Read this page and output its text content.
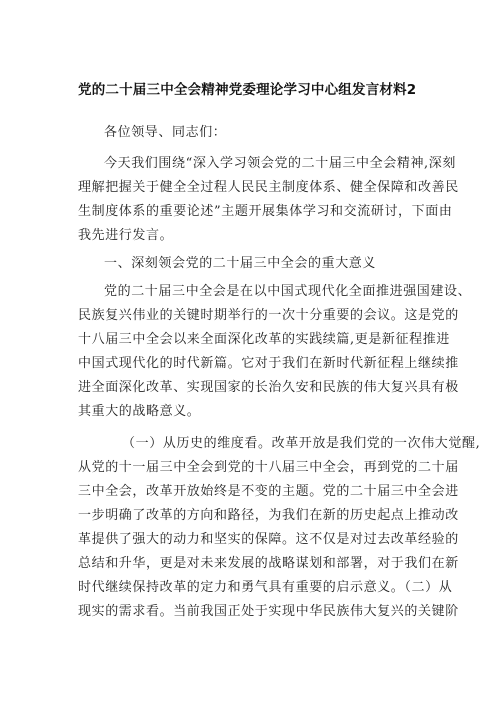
党的二十届三中全会精神党委理论学习中心组发言材料2
各位领导、同志们：
今天我们围绕“深入学习领会党的二十届三中全会精神,深刻
理解把握关于健全全过程人民民主制度体系、健全保障和改善民
生制度体系的重要论述”主题开展集体学习和交流研讨，下面由
我先进行发言。
一、深刻领会党的二十届三中全会的重大意义
党的二十届三中全会是在以中国式现代化全面推进强国建设、
民族复兴伟业的关键时期举行的一次十分重要的会议。这是党的
十八届三中全会以来全面深化改革的实践续篇,更是新征程推进
中国式现代化的时代新篇。它对于我们在新时代新征程上继续推
进全面深化改革、实现国家的长治久安和民族的伟大复兴具有极
其重大的战略意义。
（一）从历史的维度看。改革开放是我们党的一次伟大觉醒,
从党的十一届三中全会到党的十八届三中全会，再到党的二十届
三中全会，改革开放始终是不变的主题。党的二十届三中全会进
一步明确了改革的方向和路径，为我们在新的历史起点上推动改
革提供了强大的动力和坚实的保障。这不仅是对过去改革经验的
总结和升华，更是对未来发展的战略谋划和部署，对于我们在新
时代继续保持改革的定力和勇气具有重要的启示意义。（二）从
现实的需求看。当前我国正处于实现中华民族伟大复兴的关键阶
